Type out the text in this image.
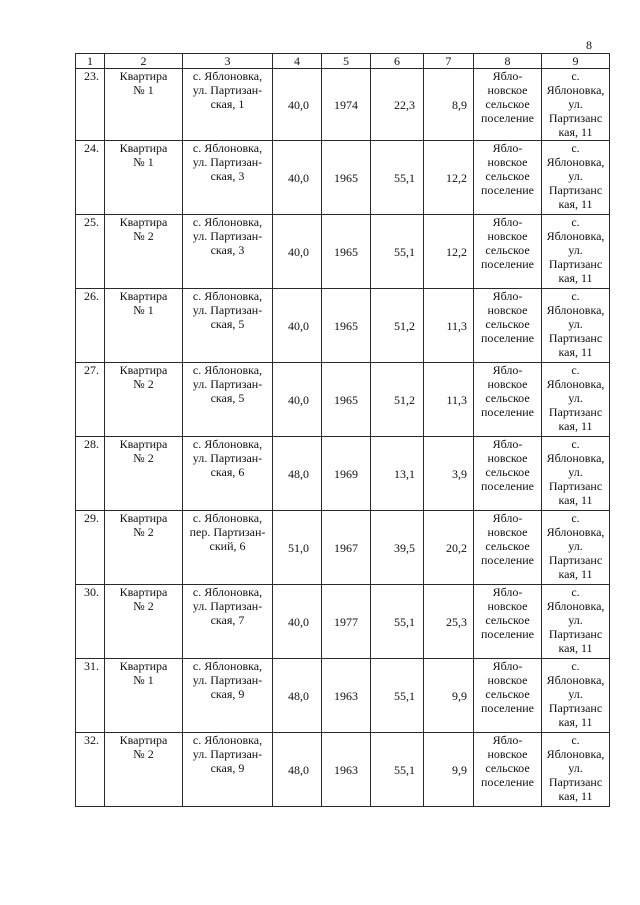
8
1	2	3	4	5	6	7	8	9
23.	Квартира
№ 1	с. Яблоновка,
ул. Партизан-
ская, 1	40,0	1974	22,3	8,9	Ябло-
новское
сельское
поселение	с.
Яблоновка,
ул.
Партизанс
кая, 11
24.	Квартира
№ 1	с. Яблоновка,
ул. Партизан-
ская, 3	40,0	1965	55,1	12,2	Ябло-
новское
сельское
поселение	с.
Яблоновка,
ул.
Партизанс
кая, 11
25.	Квартира
№ 2	с. Яблоновка,
ул. Партизан-
ская, 3	40,0	1965	55,1	12,2	Ябло-
новское
сельское
поселение	с.
Яблоновка,
ул.
Партизанс
кая, 11
26.	Квартира
№ 1	с. Яблоновка,
ул. Партизан-
ская, 5	40,0	1965	51,2	11,3	Ябло-
новское
сельское
поселение	с.
Яблоновка,
ул.
Партизанс
кая, 11
27.	Квартира
№ 2	с. Яблоновка,
ул. Партизан-
ская, 5	40,0	1965	51,2	11,3	Ябло-
новское
сельское
поселение	с.
Яблоновка,
ул.
Партизанс
кая, 11
28.	Квартира
№ 2	с. Яблоновка,
ул. Партизан-
ская, 6	48,0	1969	13,1	3,9	Ябло-
новское
сельское
поселение	с.
Яблоновка,
ул.
Партизанс
кая, 11
29.	Квартира
№ 2	с. Яблоновка,
пер. Партизан-
ский, 6	51,0	1967	39,5	20,2	Ябло-
новское
сельское
поселение	с.
Яблоновка,
ул.
Партизанс
кая, 11
30.	Квартира
№ 2	с. Яблоновка,
ул. Партизан-
ская, 7	40,0	1977	55,1	25,3	Ябло-
новское
сельское
поселение	с.
Яблоновка,
ул.
Партизанс
кая, 11
31.	Квартира
№ 1	с. Яблоновка,
ул. Партизан-
ская, 9	48,0	1963	55,1	9,9	Ябло-
новское
сельское
поселение	с.
Яблоновка,
ул.
Партизанс
кая, 11
32.	Квартира
№ 2	с. Яблоновка,
ул. Партизан-
ская, 9	48,0	1963	55,1	9,9	Ябло-
новское
сельское
поселение	с.
Яблоновка,
ул.
Партизанс
кая, 11
